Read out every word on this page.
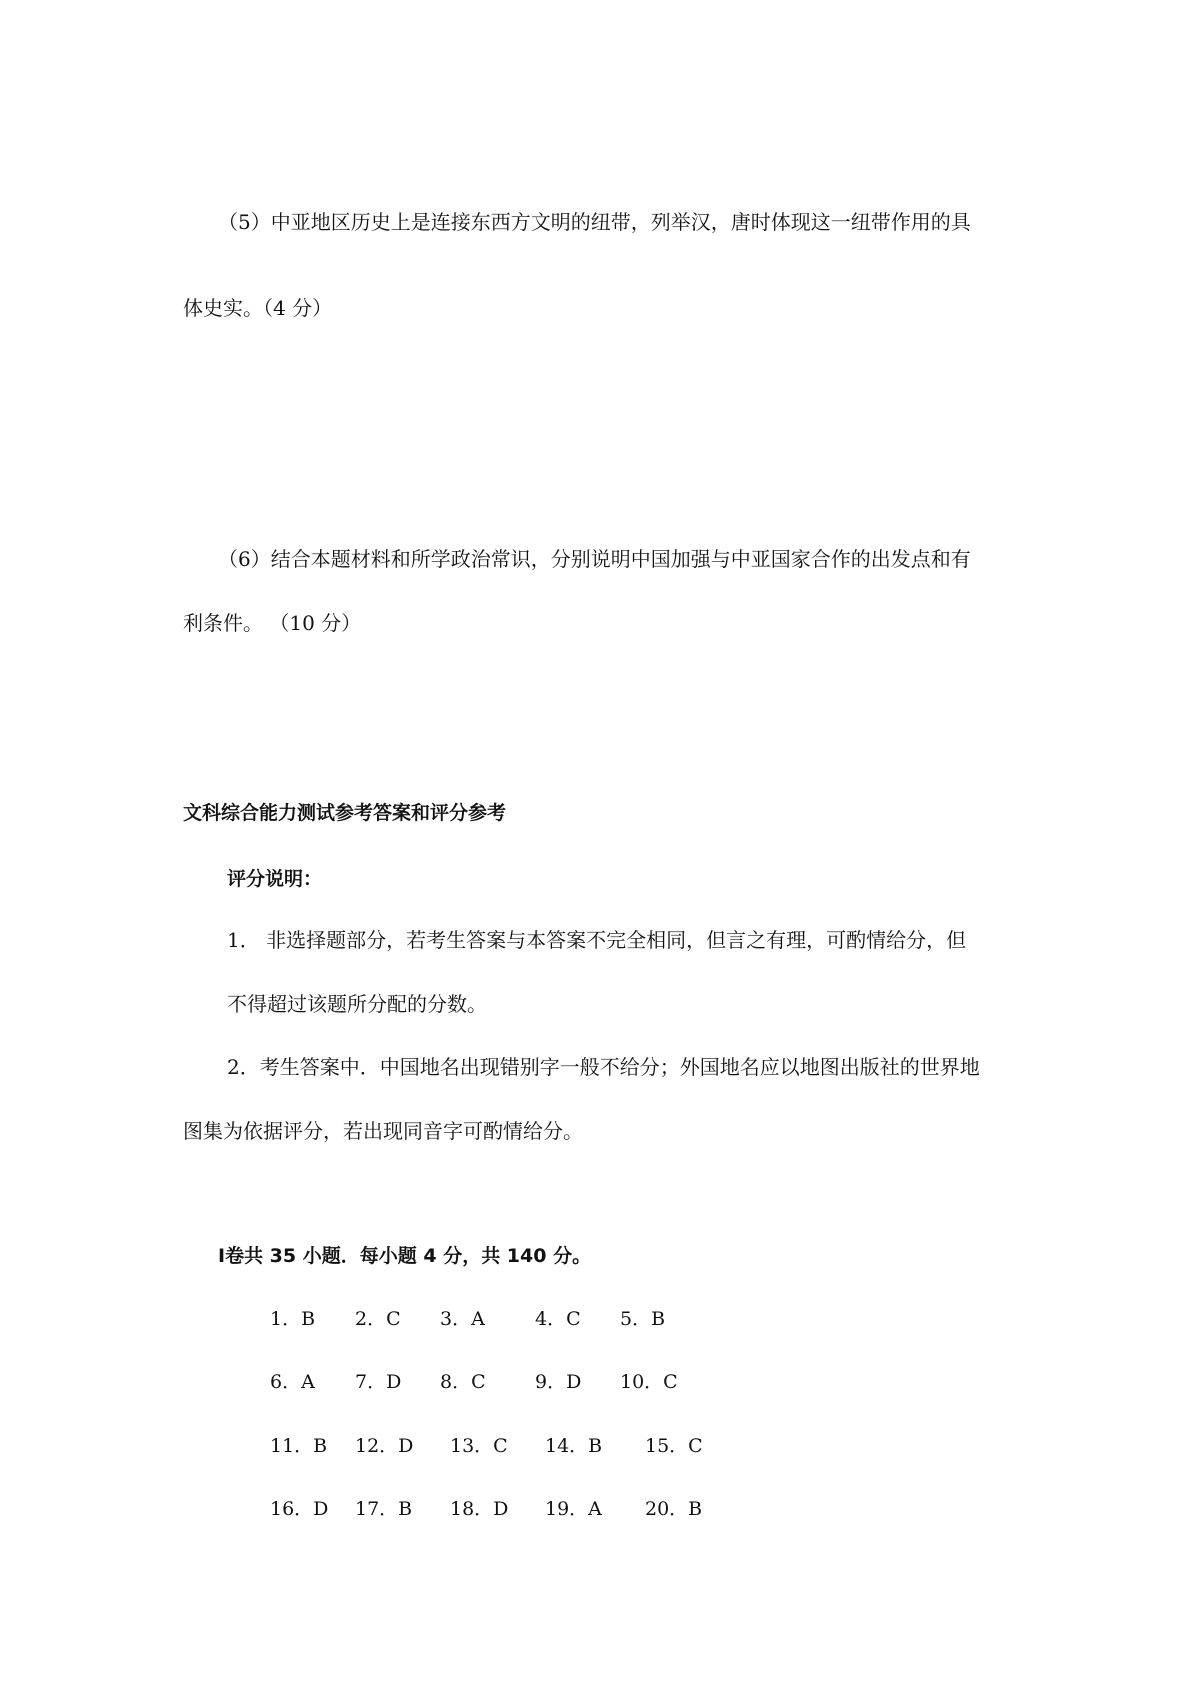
（5）中亚地区历史上是连接东西方文明的纽带，列举汉，唐时体现这一纽带作用的具
体史实。（4 分）
（6）结合本题材料和所学政治常识，分别说明中国加强与中亚国家合作的出发点和有
利条件。 （10 分）
文科综合能力测试参考答案和评分参考
评分说明：
1． 非选择题部分，若考生答案与本答案不完全相同，但言之有理，可酌情给分，但
不得超过该题所分配的分数。
2．考生答案中．中国地名出现错别字一般不给分；外国地名应以地图出版社的世界地
图集为依据评分，若出现同音字可酌情给分。
Ⅰ卷共 35 小题．每小题 4 分，共 140 分。
1．B 2．C 3．A	4．C 5．B
6．A 7．D 8．C	9．D 10．C
11．B 12．D 13．C 14．B 15．C
16．D 17．B 18．D 19．A 20．B
